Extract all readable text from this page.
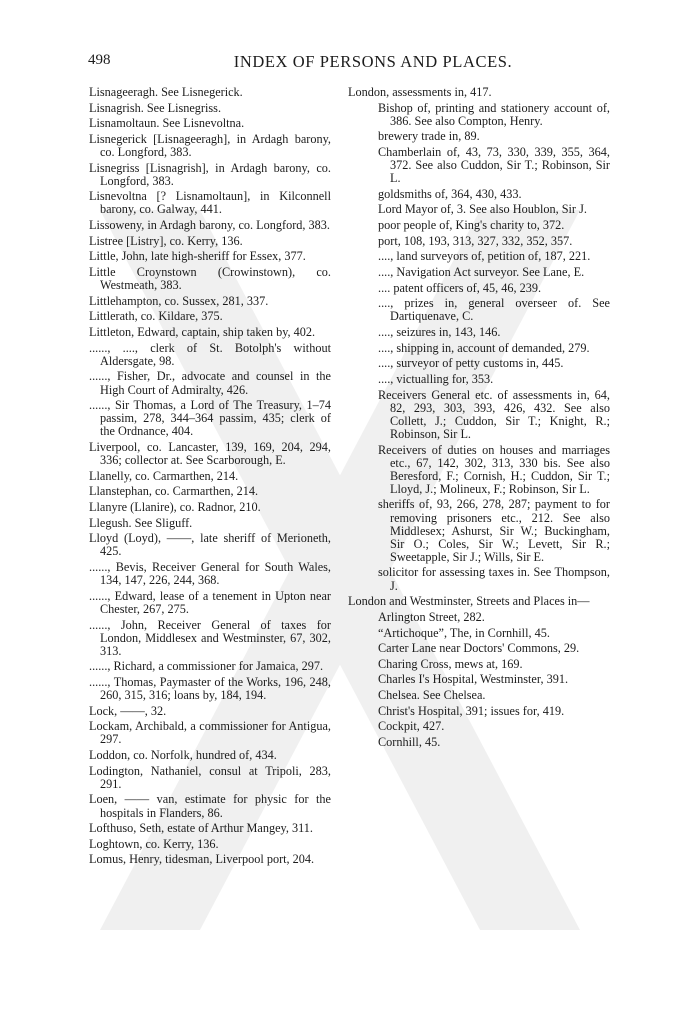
498	INDEX OF PERSONS AND PLACES.
Lisnageeragh. See Lisnegerick.
Lisnagrish. See Lisnegriss.
Lisnamoltaun. See Lisnevoltna.
Lisnegerick [Lisnageeragh], in Ardagh barony, co. Longford, 383.
Lisnegriss [Lisnagrish], in Ardagh barony, co. Longford, 383.
Lisnevoltna [? Lisnamoltaun], in Kilconnell barony, co. Galway, 441.
Lissoweny, in Ardagh barony, co. Longford, 383.
Listree [Listry], co. Kerry, 136.
Little, John, late high-sheriff for Essex, 377.
Little Croynstown (Crowinstown), co. Westmeath, 383.
Littlehampton, co. Sussex, 281, 337.
Littlerath, co. Kildare, 375.
Littleton, Edward, captain, ship taken by, 402.
......, ...., clerk of St. Botolph's without Aldersgate, 98.
......, Fisher, Dr., advocate and counsel in the High Court of Admiralty, 426.
......, Sir Thomas, a Lord of The Treasury, 1–74 passim, 278, 344–364 passim, 435; clerk of the Ordnance, 404.
Liverpool, co. Lancaster, 139, 169, 204, 294, 336; collector at. See Scarborough, E.
Llanelly, co. Carmarthen, 214.
Llanstephan, co. Carmarthen, 214.
Llanyre (Llanire), co. Radnor, 210.
Llegush. See Sliguff.
Lloyd (Loyd), ——, late sheriff of Merioneth, 425.
......, Bevis, Receiver General for South Wales, 134, 147, 226, 244, 368.
......, Edward, lease of a tenement in Upton near Chester, 267, 275.
......, John, Receiver General of taxes for London, Middlesex and Westminster, 67, 302, 313.
......, Richard, a commissioner for Jamaica, 297.
......, Thomas, Paymaster of the Works, 196, 248, 260, 315, 316; loans by, 184, 194.
Lock, ——, 32.
Lockam, Archibald, a commissioner for Antigua, 297.
Loddon, co. Norfolk, hundred of, 434.
Lodington, Nathaniel, consul at Tripoli, 283, 291.
Loen, —— van, estimate for physic for the hospitals in Flanders, 86.
Lofthuso, Seth, estate of Arthur Mangey, 311.
Loghtown, co. Kerry, 136.
Lomus, Henry, tidesman, Liverpool port, 204.
London, assessments in, 417.
Bishop of, printing and stationery account of, 386. See also Compton, Henry.
brewery trade in, 89.
Chamberlain of, 43, 73, 330, 339, 355, 364, 372. See also Cuddon, Sir T.; Robinson, Sir L.
goldsmiths of, 364, 430, 433.
Lord Mayor of, 3. See also Houblon, Sir J.
poor people of, King's charity to, 372.
port, 108, 193, 313, 327, 332, 352, 357.
...., land surveyors of, petition of, 187, 221.
...., Navigation Act surveyor. See Lane, E.
.... patent officers of, 45, 46, 239.
...., prizes in, general overseer of. See Dartiquenave, C.
...., seizures in, 143, 146.
...., shipping in, account of demanded, 279.
...., surveyor of petty customs in, 445.
...., victualling for, 353.
Receivers General etc. of assessments in, 64, 82, 293, 303, 393, 426, 432. See also Collett, J.; Cuddon, Sir T.; Knight, R.; Robinson, Sir L.
Receivers of duties on houses and marriages etc., 67, 142, 302, 313, 330 bis. See also Beresford, F.; Cornish, H.; Cuddon, Sir T.; Lloyd, J.; Molineux, F.; Robinson, Sir L.
sheriffs of, 93, 266, 278, 287; payment to for removing prisoners etc., 212. See also Middlesex; Ashurst, Sir W.; Buckingham, Sir O.; Coles, Sir W.; Levett, Sir R.; Sweetapple, Sir J.; Wills, Sir E.
solicitor for assessing taxes in. See Thompson, J.
London and Westminster, Streets and Places in—
Arlington Street, 282.
“Artichoque”, The, in Cornhill, 45.
Carter Lane near Doctors' Commons, 29.
Charing Cross, mews at, 169.
Charles I's Hospital, Westminster, 391.
Chelsea. See Chelsea.
Christ's Hospital, 391; issues for, 419.
Cockpit, 427.
Cornhill, 45.
